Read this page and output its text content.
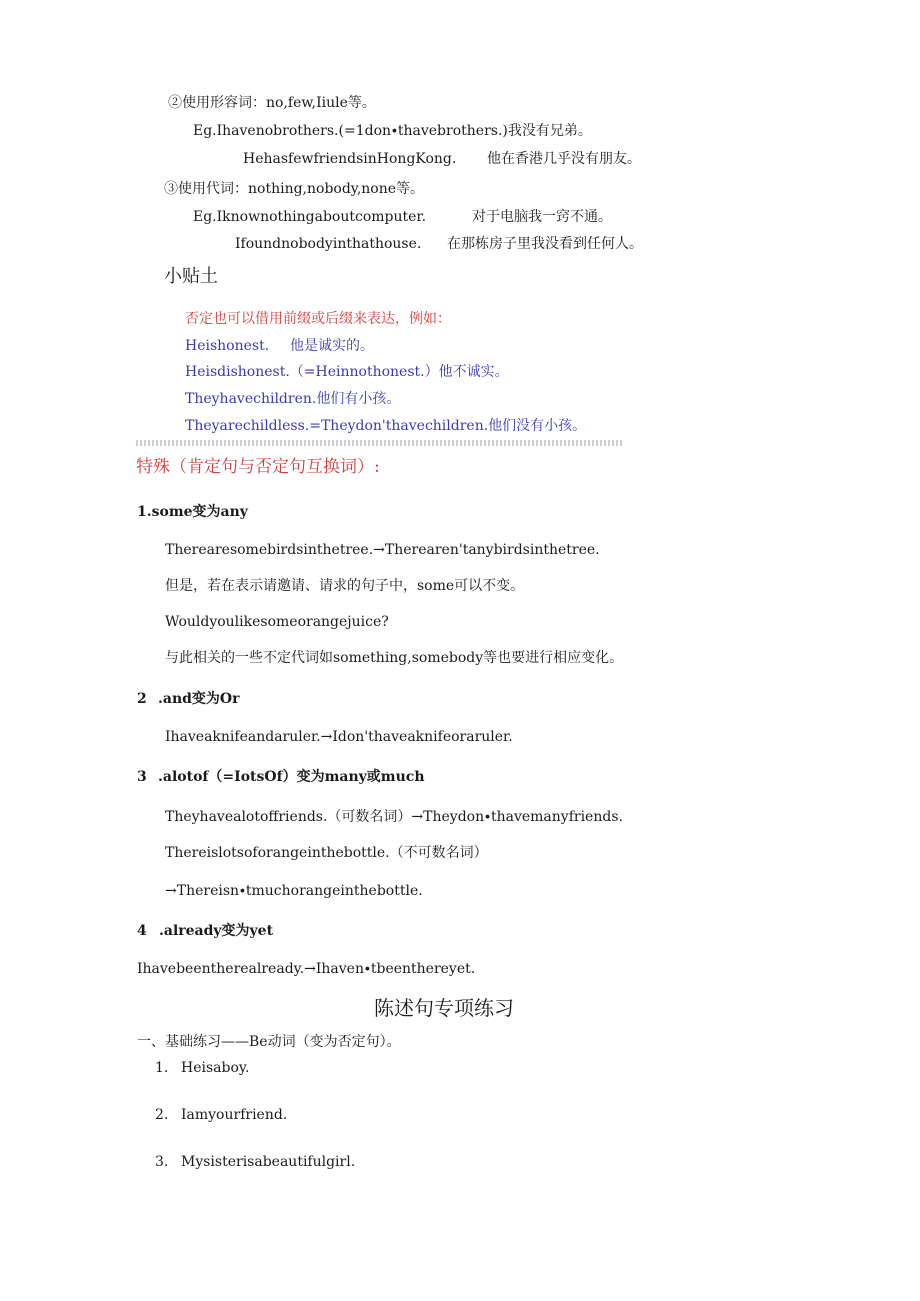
②使用形容词：no,few,Iiule等。
Eg.Ihavenobrothers.(=1don∙thavebrothers.)我没有兄弟。
HehasfewfriendsinHongKong. 他在香港几乎没有朋友。
③使用代词：nothing,nobody,none等。
Eg.Iknownothingaboutcomputer.	对于电脑我一窍不通。
Ifoundnobodyinthathouse. 在那栋房子里我没看到任何人。
小贴土
否定也可以借用前缀或后缀来表达，例如：
Heishonest. 他是诚实的。
Heisdishonest.（=Heinnothonest.）他不诚实。
Theyhavechildren.他们有小孩。
Theyarechildless.=Theydon'thavechildren.他们没有小孩。
特殊（肯定句与否定句互换词）:
1.some变为any
Therearesomebirdsinthetree.→Therearen'tanybirdsinthetree.
但是，若在表示请邀请、请求的句子中，some可以不变。
Wouldyoulikesomeorangejuice?
与此相关的一些不定代词如something,somebody等也要进行相应变化。
2 .and变为Or
Ihaveaknifeandaruler.→Idon'thaveaknifeoraruler.
3 .alotof（=IotsOf）变为many或much
Theyhavealotoffriends.（可数名词）→Theydon∙thavemanyfriends.
Thereislotsoforangeinthebottle.（不可数名词）
→Thereisn∙tmuchorangeinthebottle.
4 .already变为yet
Ihavebeentherealready.→Ihaven∙tbeenthereyet.
陈述句专项练习
一、基础练习——Be动词（变为否定句）。
1. Heisaboy.
2. Iamyourfriend.
3. Mysisterisabeautifulgirl.
